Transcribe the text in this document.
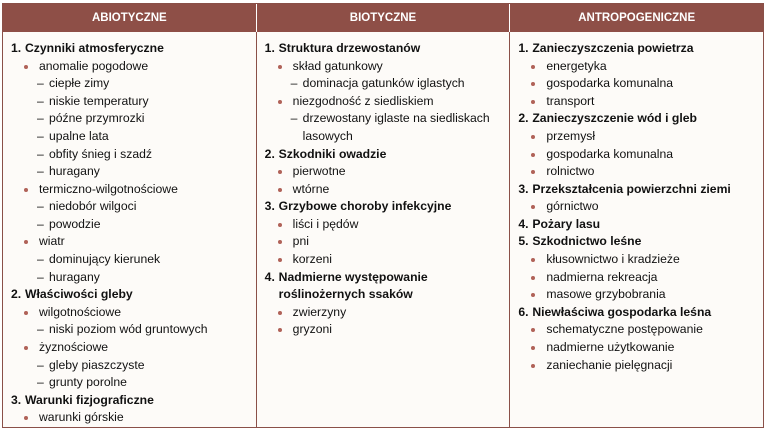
ABIOTYCZNE	BIOTYCZNE	ANTROPOGENICZNE
1. Czynniki atmosferyczne
anomalie pogodowe
– ciepłe zimy
– niskie temperatury
– późne przymrozki
– upalne lata
– obfity śnieg i szadź
– huragany
termiczno-wilgotnościowe
– niedobór wilgoci
– powodzie
wiatr
– dominujący kierunek
– huragany
2. Właściwości gleby
wilgotnościowe
– niski poziom wód gruntowych
żyznościowe
– gleby piaszczyste
– grunty porolne
3. Warunki fizjograficzne
warunki górskie
1. Struktura drzewostanów
skład gatunkowy
– dominacja gatunków iglastych
niezgodność z siedliskiem
– drzewostany iglaste na siedliskach lasowych
2. Szkodniki owadzie
pierwotne
wtórne
3. Grzybowe choroby infekcyjne
liści i pędów
pni
korzeni
4. Nadmierne występowanie roślinożernych ssaków
zwierzyny
gryzoni
1. Zanieczyszczenia powietrza
energetyka
gospodarka komunalna
transport
2. Zanieczyszczenie wód i gleb
przemysł
gospodarka komunalna
rolnictwo
3. Przekształcenia powierzchni ziemi
górnictwo
4. Pożary lasu
5. Szkodnictwo leśne
kłusownictwo i kradzieże
nadmierna rekreacja
masowe grzybobrania
6. Niewłaściwa gospodarka leśna
schematyczne postępowanie
nadmierne użytkowanie
zaniechanie pielęgnacji
